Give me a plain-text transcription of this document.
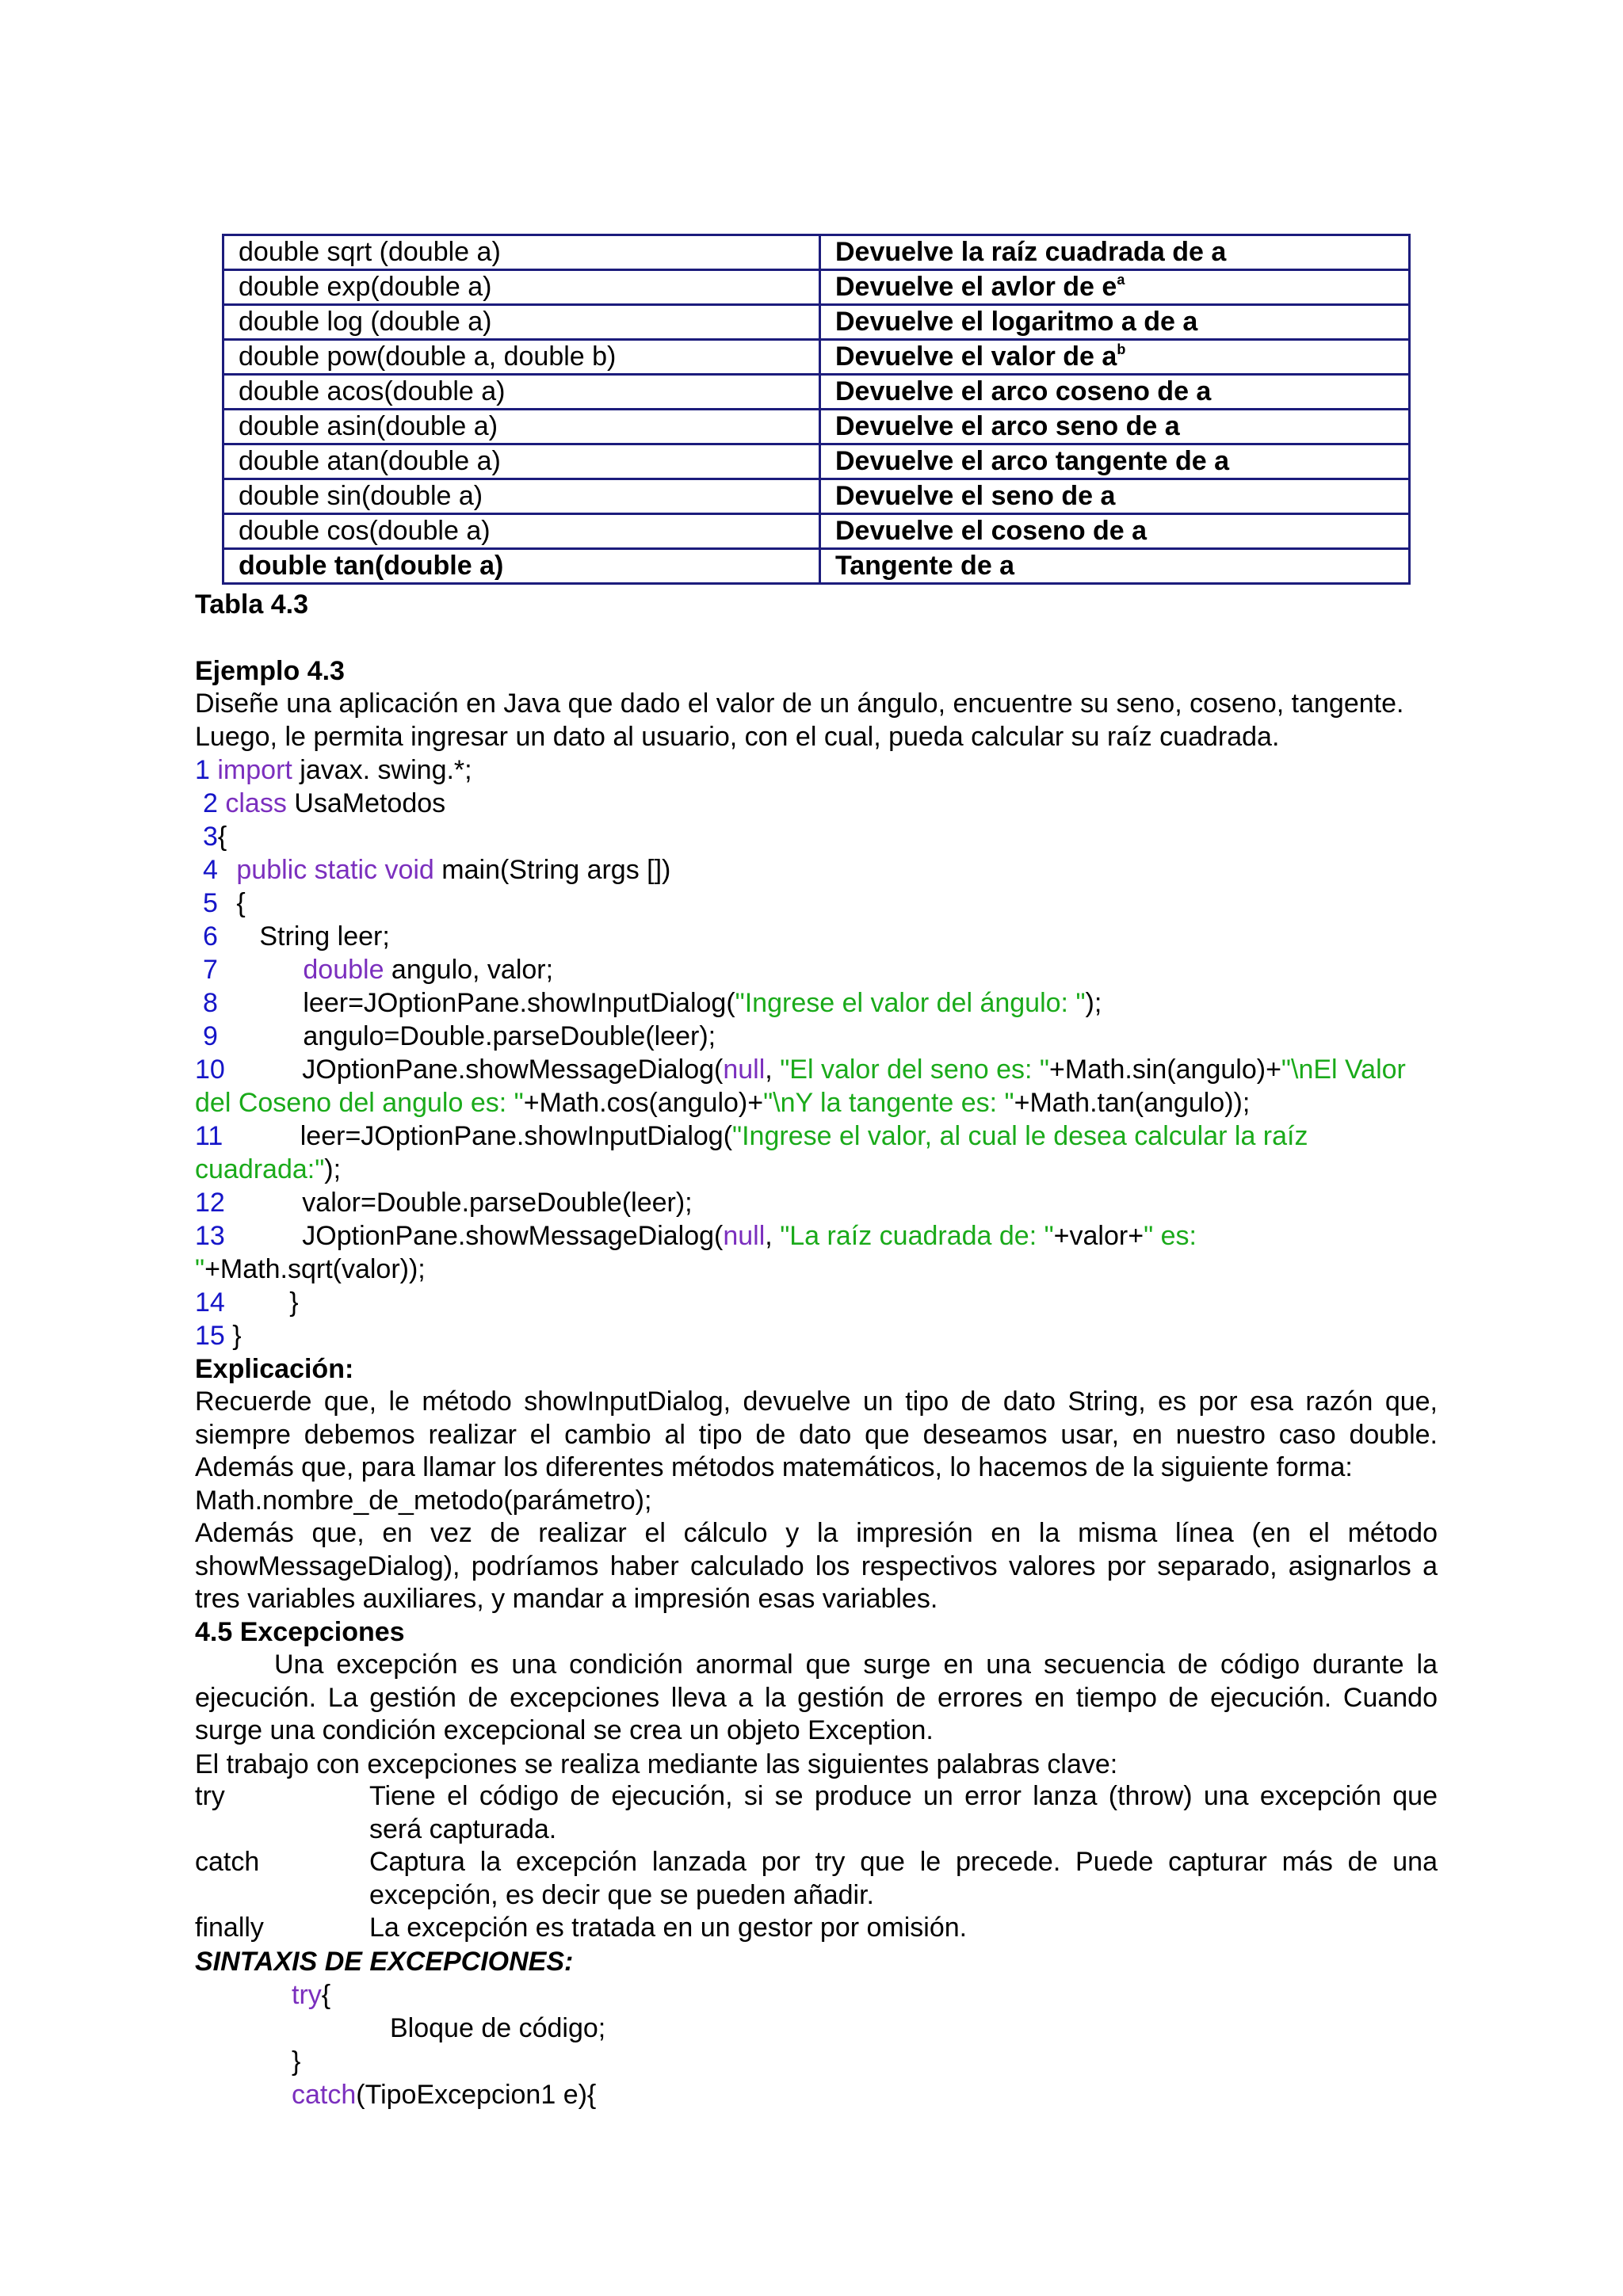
double sqrt (double a)	Devuelve la raíz cuadrada de a
double exp(double a)	Devuelve el avlor de $e^a$
double log (double a)	Devuelve el logaritmo a de a
double pow(double a, double b)	Devuelve el valor de $a^b$
double acos(double a)	Devuelve el arco coseno de a
double asin(double a)	Devuelve el arco seno de a
double atan(double a)	Devuelve el arco tangente de a
double sin(double a)	Devuelve el seno de a
double cos(double a)	Devuelve el coseno de a
double tan(double a)	Tangente de a
Tabla 4.3
Ejemplo 4.3
Diseñe una aplicación en Java que dado el valor de un ángulo, encuentre su seno, coseno, tangente.
Luego, le permita ingresar un dato al usuario, con el cual, pueda calcular su raíz cuadrada.
1 import javax. swing.*;
2 class UsaMetodos
3{
4 public static void main(String args [])
5 {
6 String leer;
7	double angulo, valor;
8	leer=JOptionPane.showInputDialog("Ingrese el valor del ángulo: ");
9	angulo=Double.parseDouble(leer);
10	JOptionPane.showMessageDialog(null, "El valor del seno es: "+Math.sin(angulo)+"\nEl Valor
del Coseno del angulo es: "+Math.cos(angulo)+"\nY la tangente es: "+Math.tan(angulo));
11	leer=JOptionPane.showInputDialog("Ingrese el valor, al cual le desea calcular la raíz
cuadrada:");
12	valor=Double.parseDouble(leer);
13	JOptionPane.showMessageDialog(null, "La raíz cuadrada de: "+valor+" es:
"+Math.sqrt(valor));
14 }
15 }
Explicación:
Recuerde que, le método showInputDialog, devuelve un tipo de dato String, es por esa razón que,
siempre debemos realizar el cambio al tipo de dato que deseamos usar, en nuestro caso double.
Además que, para llamar los diferentes métodos matemáticos, lo hacemos de la siguiente forma:
Math.nombre_de_metodo(parámetro);
Además que, en vez de realizar el cálculo y la impresión en la misma línea (en el método
showMessageDialog), podríamos haber calculado los respectivos valores por separado, asignarlos a
tres variables auxiliares, y mandar a impresión esas variables.
4.5 Excepciones
Una excepción es una condición anormal que surge en una secuencia de código durante la
ejecución. La gestión de excepciones lleva a la gestión de errores en tiempo de ejecución. Cuando
surge una condición excepcional se crea un objeto Exception.
El trabajo con excepciones se realiza mediante las siguientes palabras clave:
try	Tiene el código de ejecución, si se produce un error lanza (throw) una excepción que
será capturada.
catch	Captura la excepción lanzada por try que le precede. Puede capturar más de una
excepción, es decir que se pueden añadir.
finally	La excepción es tratada en un gestor por omisión.
SINTAXIS DE EXCEPCIONES:
try{
Bloque de código;
}
catch(TipoExcepcion1 e){
